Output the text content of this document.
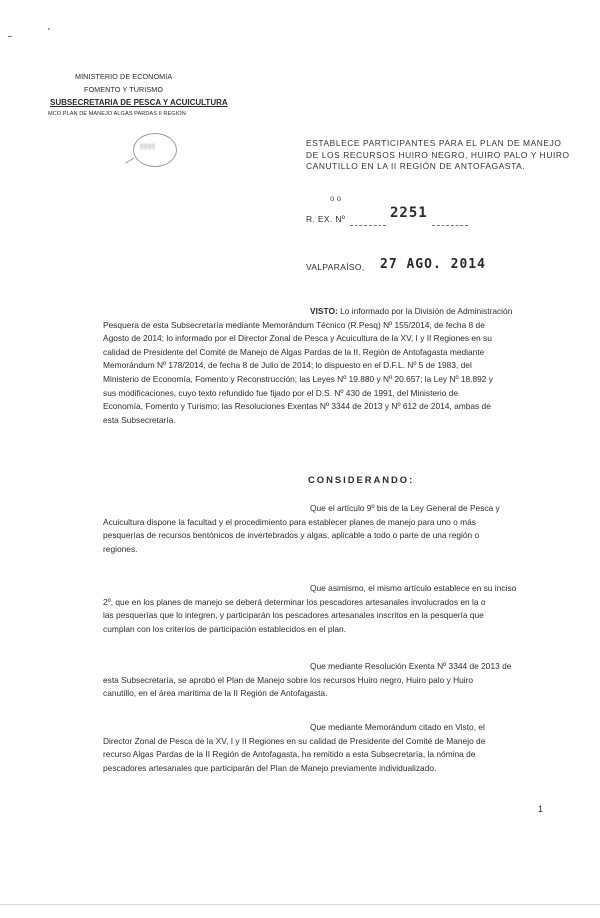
MINISTERIO DE ECONOMIA
FOMENTO Y TURISMO
SUBSECRETARIA DE PESCA Y ACUICULTURA
MCO PLAN DE MANEJO ALGAS PARDAS II REGION
▒▒▒▒	ESTABLECE PARTICIPANTES PARA EL PLAN DE MANEJO
DE LOS RECURSOS HUIRO NEGRO, HUIRO PALO Y HUIRO
CANUTILLO EN LA II REGIÓN DE ANTOFAGASTA.
o o
R. EX. Nº	2251
VALPARAÍSO, 27 AGO. 2014
VISTO: Lo informado por la División de Administración
Pesquera de esta Subsecretaría mediante Memorándum Técnico (R.Pesq) Nº 155/2014, de fecha 8 de
Agosto de 2014; lo informado por el Director Zonal de Pesca y Acuicultura de la XV, I y II Regiones en su
calidad de Presidente del Comité de Manejo de Algas Pardas de la II. Región de Antofagasta mediante
Memorándum Nº 178/2014, de fecha 8 de Julio de 2014; lo dispuesto en el D.F.L. Nº 5 de 1983, del
Ministerio de Economía, Fomento y Reconstrucción; las Leyes Nº 19.880 y Nº 20.657; la Ley Nº 18.892 y
sus modificaciones, cuyo texto refundido fue fijado por el D.S. Nº 430 de 1991, del Ministerio de
Economía, Fomento y Turismo; las Resoluciones Exentas Nº 3344 de 2013 y Nº 612 de 2014, ambas de
esta Subsecretaría.
CONSIDERANDO:
Que el artículo 9º bis de la Ley General de Pesca y
Acuicultura dispone la facultad y el procedimiento para establecer planes de manejo para uno o más
pesquerías de recursos bentónicos de invertebrados y algas, aplicable a todo o parte de una región o
regiones.
Que asimismo, el mismo artículo establece en su inciso
2º, que en los planes de manejo se deberá determinar los pescadores artesanales involucrados en la o
las pesquerías que lo integren, y participarán los pescadores artesanales inscritos en la pesquería que
cumplan con los criterios de participación establecidos en el plan.
Que mediante Resolución Exenta Nº 3344 de 2013 de
esta Subsecretaría, se aprobó el Plan de Manejo sobre los recursos Huiro negro, Huiro palo y Huiro
canutillo, en el área marítima de la II Región de Antofagasta.
Que mediante Memorándum citado en Visto, el
Director Zonal de Pesca de la XV, I y II Regiones en su calidad de Presidente del Comité de Manejo de
recurso Algas Pardas de la II Región de Antofagasta, ha remitido a esta Subsecretaría, la nómina de
pescadores artesanales que participarán del Plan de Manejo previamente individualizado.
1
